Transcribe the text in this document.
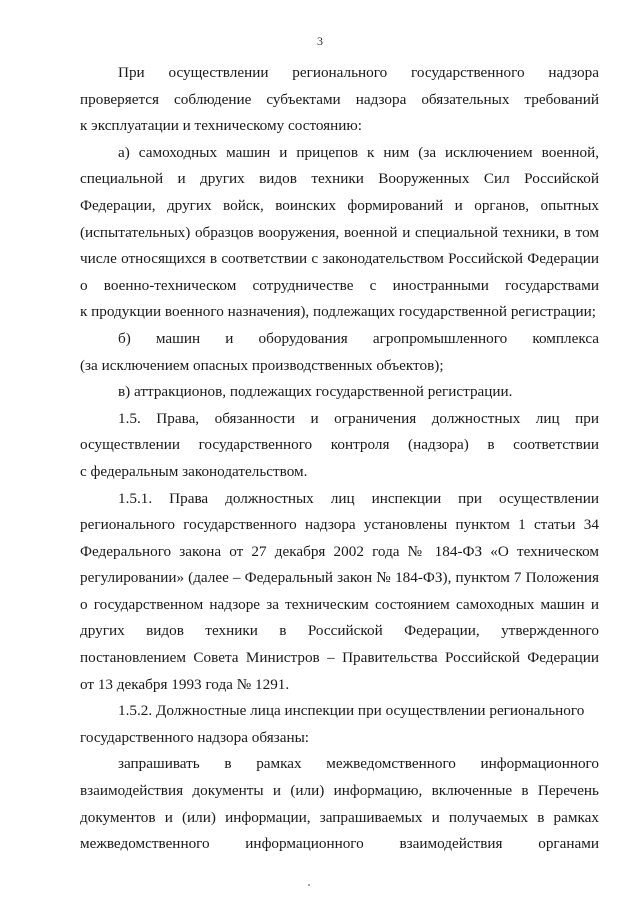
3
При осуществлении регионального государственного надзора
проверяется соблюдение субъектами надзора обязательных требований
к эксплуатации и техническому состоянию:
а) самоходных машин и прицепов к ним (за исключением военной,
специальной и других видов техники Вооруженных Сил Российской
Федерации, других войск, воинских формирований и органов, опытных
(испытательных) образцов вооружения, военной и специальной техники, в том
числе относящихся в соответствии с законодательством Российской Федерации
о военно-техническом сотрудничестве с иностранными государствами
к продукции военного назначения), подлежащих государственной регистрации;
б) машин и оборудования агропромышленного комплекса
(за исключением опасных производственных объектов);
в) аттракционов, подлежащих государственной регистрации.
1.5. Права, обязанности и ограничения должностных лиц при
осуществлении государственного контроля (надзора) в соответствии
с федеральным законодательством.
1.5.1. Права должностных лиц инспекции при осуществлении
регионального государственного надзора установлены пунктом 1 статьи 34
Федерального закона от 27 декабря 2002 года № 184-ФЗ «О техническом
регулировании» (далее – Федеральный закон № 184-ФЗ), пунктом 7 Положения
о государственном надзоре за техническим состоянием самоходных машин и
других видов техники в Российской Федерации, утвержденного
постановлением Совета Министров – Правительства Российской Федерации
от 13 декабря 1993 года № 1291.
1.5.2. Должностные лица инспекции при осуществлении регионального
государственного надзора обязаны:
запрашивать в рамках межведомственного информационного
взаимодействия документы и (или) информацию, включенные в Перечень
документов и (или) информации, запрашиваемых и получаемых в рамках
межведомственного информационного взаимодействия органами
